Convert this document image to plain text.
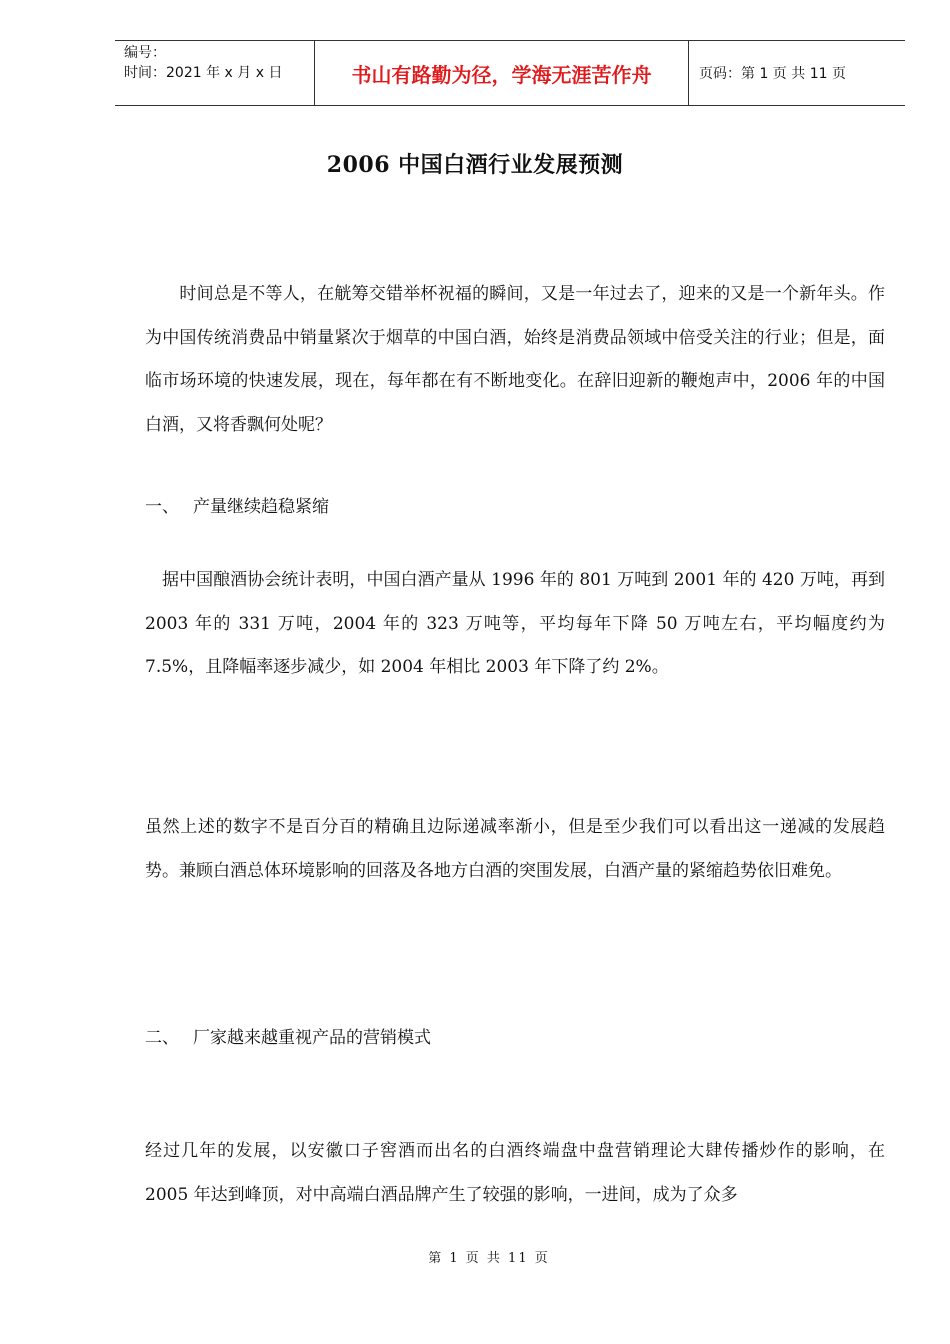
编号：
时间：2021 年 x 月 x 日	书山有路勤为径，学海无涯苦作舟	页码：第 1 页 共 11 页
2006 中国白酒行业发展预测

　　时间总是不等人，在觥筹交错举杯祝福的瞬间，又是一年过去了，迎来的又是一个新年头。作为中国传统消费品中销量紧次于烟草的中国白酒，始终是消费品领域中倍受关注的行业；但是，面临市场环境的快速发展，现在，每年都在有不断地变化。在辞旧迎新的鞭炮声中，2006 年的中国白酒，又将香飘何处呢？

一、 产量继续趋稳紧缩

　据中国酿酒协会统计表明，中国白酒产量从 1996 年的 801 万吨到 2001 年的 420 万吨，再到 2003 年的 331 万吨，2004 年的 323 万吨等，平均每年下降 50 万吨左右，平均幅度约为 7.5%，且降幅率逐步减少，如 2004 年相比 2003 年下降了约 2%。

虽然上述的数字不是百分百的精确且边际递减率渐小，但是至少我们可以看出这一递减的发展趋势。兼顾白酒总体环境影响的回落及各地方白酒的突围发展，白酒产量的紧缩趋势依旧难免。

二、 厂家越来越重视产品的营销模式

经过几年的发展，以安徽口子窖酒而出名的白酒终端盘中盘营销理论大肆传播炒作的影响，在 2005 年达到峰顶，对中高端白酒品牌产生了较强的影响，一进间，成为了众多

第 1 页 共 11 页
